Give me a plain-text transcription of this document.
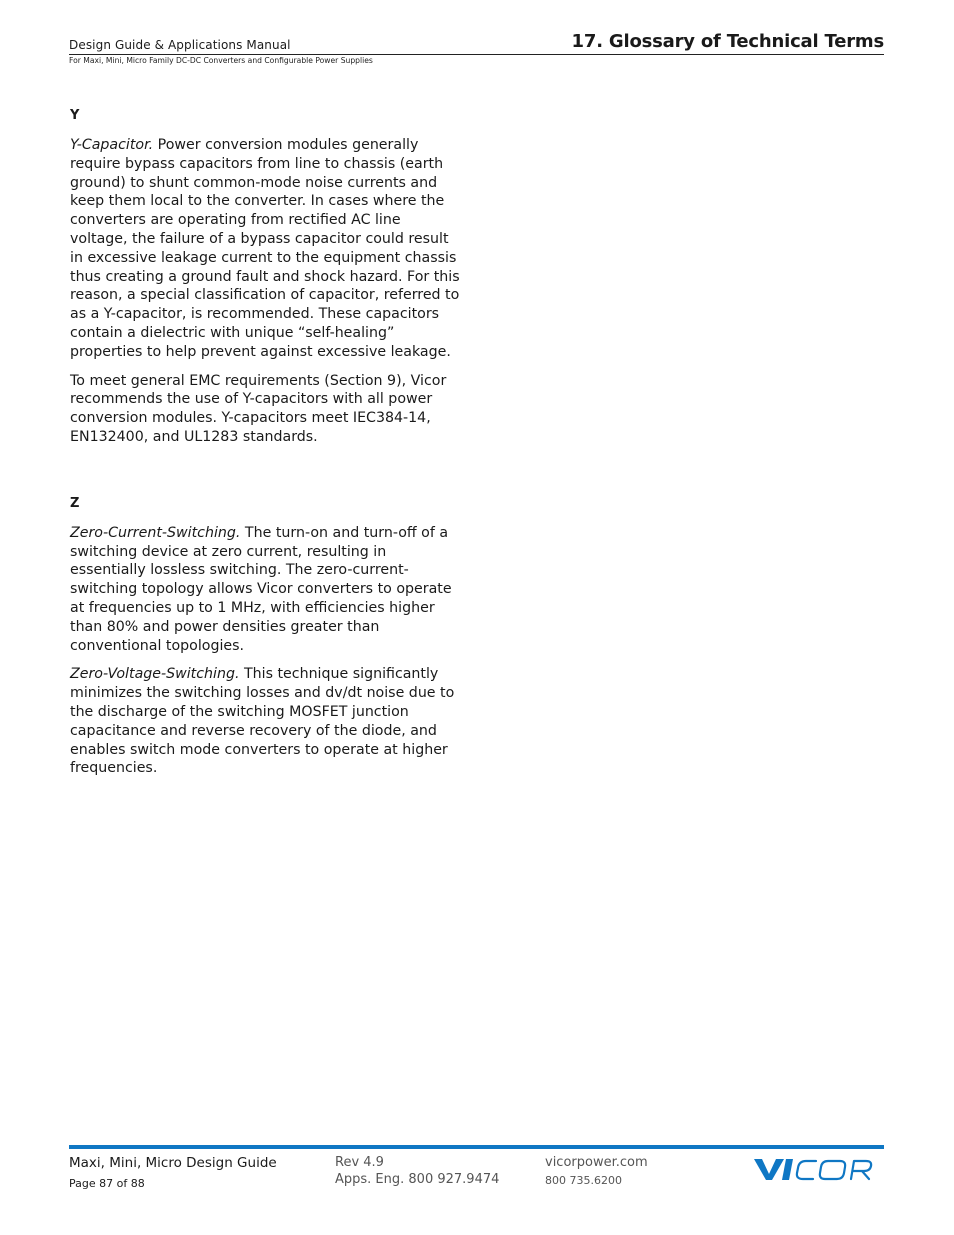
Design Guide & Applications Manual	17. Glossary of Technical Terms
For Maxi, Mini, Micro Family DC-DC Converters and Configurable Power Supplies

Y

Y-Capacitor. Power conversion modules generally require bypass capacitors from line to chassis (earth ground) to shunt common-mode noise currents and keep them local to the converter. In cases where the converters are operating from rectified AC line voltage, the failure of a bypass capacitor could result in excessive leakage current to the equipment chassis thus creating a ground fault and shock hazard. For this reason, a special classification of capacitor, referred to as a Y-capacitor, is recommended. These capacitors contain a dielectric with unique “self-healing” properties to help prevent against excessive leakage.

To meet general EMC requirements (Section 9), Vicor recommends the use of Y-capacitors with all power conversion modules. Y-capacitors meet IEC384-14, EN132400, and UL1283 standards.

Z

Zero-Current-Switching. The turn-on and turn-off of a switching device at zero current, resulting in essentially lossless switching. The zero-current-switching topology allows Vicor converters to operate at frequencies up to 1 MHz, with efficiencies higher than 80% and power densities greater than conventional topologies.

Zero-Voltage-Switching. This technique significantly minimizes the switching losses and dv/dt noise due to the discharge of the switching MOSFET junction capacitance and reverse recovery of the diode, and enables switch mode converters to operate at higher frequencies.

Maxi, Mini, Micro Design Guide
Page 87 of 88
Rev 4.9
Apps. Eng. 800 927.9474
vicorpower.com
800 735.6200
